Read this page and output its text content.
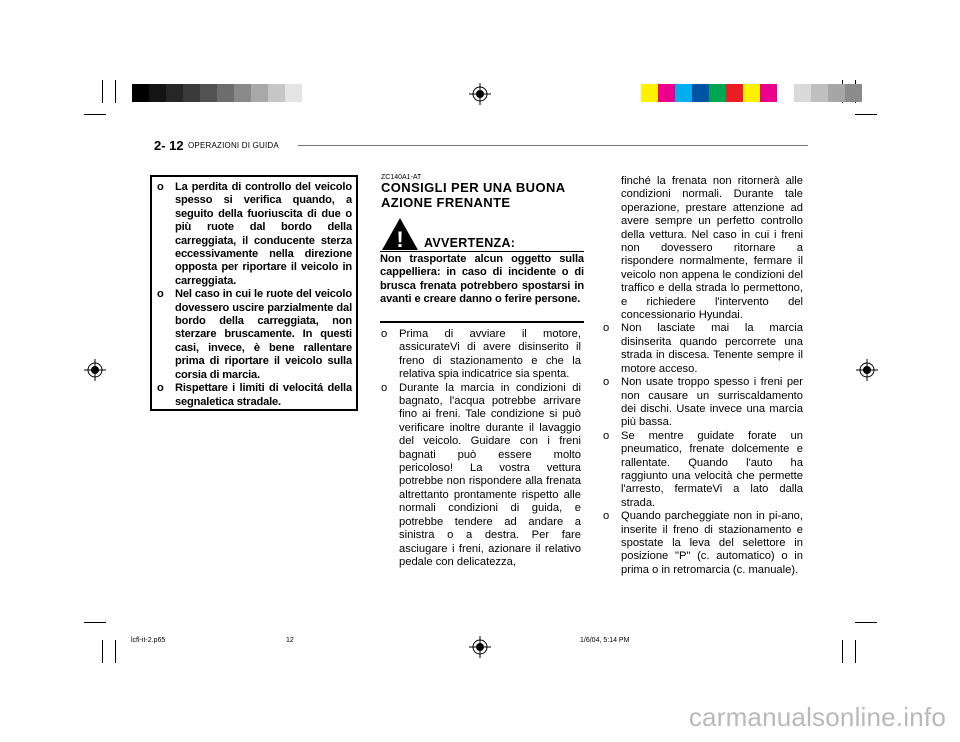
2- 12 OPERAZIONI DI GUIDA
o La perdita di controllo del veicolo spesso si verifica quando, a seguito della fuoriuscita di due o più ruote dal bordo della carreggiata, il conducente sterza eccessivamente nella direzione opposta per riportare il veicolo in carreggiata.
o Nel caso in cui le ruote del veicolo dovessero uscire parzialmente dal bordo della carreggiata, non sterzare bruscamente. In questi casi, invece, è bene rallentare prima di riportare il veicolo sulla corsia di marcia.
o Rispettare i limiti di velocitá della segnaletica stradale.
ZC140A1-AT
CONSIGLI PER UNA BUONA AZIONE FRENANTE
! AVVERTENZA:
Non trasportate alcun oggetto sulla cappelliera: in caso di incidente o di brusca frenata potrebbero spostarsi in avanti e creare danno o ferire persone.
o Prima di avviare il motore, assicurateVi di avere disinserito il freno di stazionamento e che la relativa spia indicatrice sia spenta.
o Durante la marcia in condizioni di bagnato, l'acqua potrebbe arrivare fino ai freni. Tale condizione si può verificare inoltre durante il lavaggio del veicolo. Guidare con i freni bagnati può essere molto pericoloso! La vostra vettura potrebbe non rispondere alla frenata altrettanto prontamente rispetto alle normali condizioni di guida, e potrebbe tendere ad andare a sinistra o a destra. Per fare asciugare i freni, azionare il relativo pedale con delicatezza,

finché la frenata non ritornerà alle condizioni normali. Durante tale operazione, prestare attenzione ad avere sempre un perfetto controllo della vettura. Nel caso in cui i freni non dovessero ritornare a rispondere normalmente, fermare il veicolo non appena le condizioni del traffico e della strada lo permettono, e richiedere l'intervento del concessionario Hyundai.

o Non lasciate mai la marcia disinserita quando percorrete una strada in discesa. Tenente sempre il motore acceso.
o Non usate troppo spesso i freni per non causare un surriscaldamento dei dischi. Usate invece una marcia più bassa.
o Se mentre guidate forate un pneumatico, frenate dolcemente e rallentate. Quando l'auto ha raggiunto una velocità che permette l'arresto, fermateVi a lato dalla strada.
o Quando parcheggiate non in pi-ano, inserite il freno di stazionamento e spostate la leva del selettore in posizione "P" (c. automatico) o in prima o in retromarcia (c. manuale).
lcfl-it-2.p65	12	1/6/04, 5:14 PM
carmanualsonline.info
